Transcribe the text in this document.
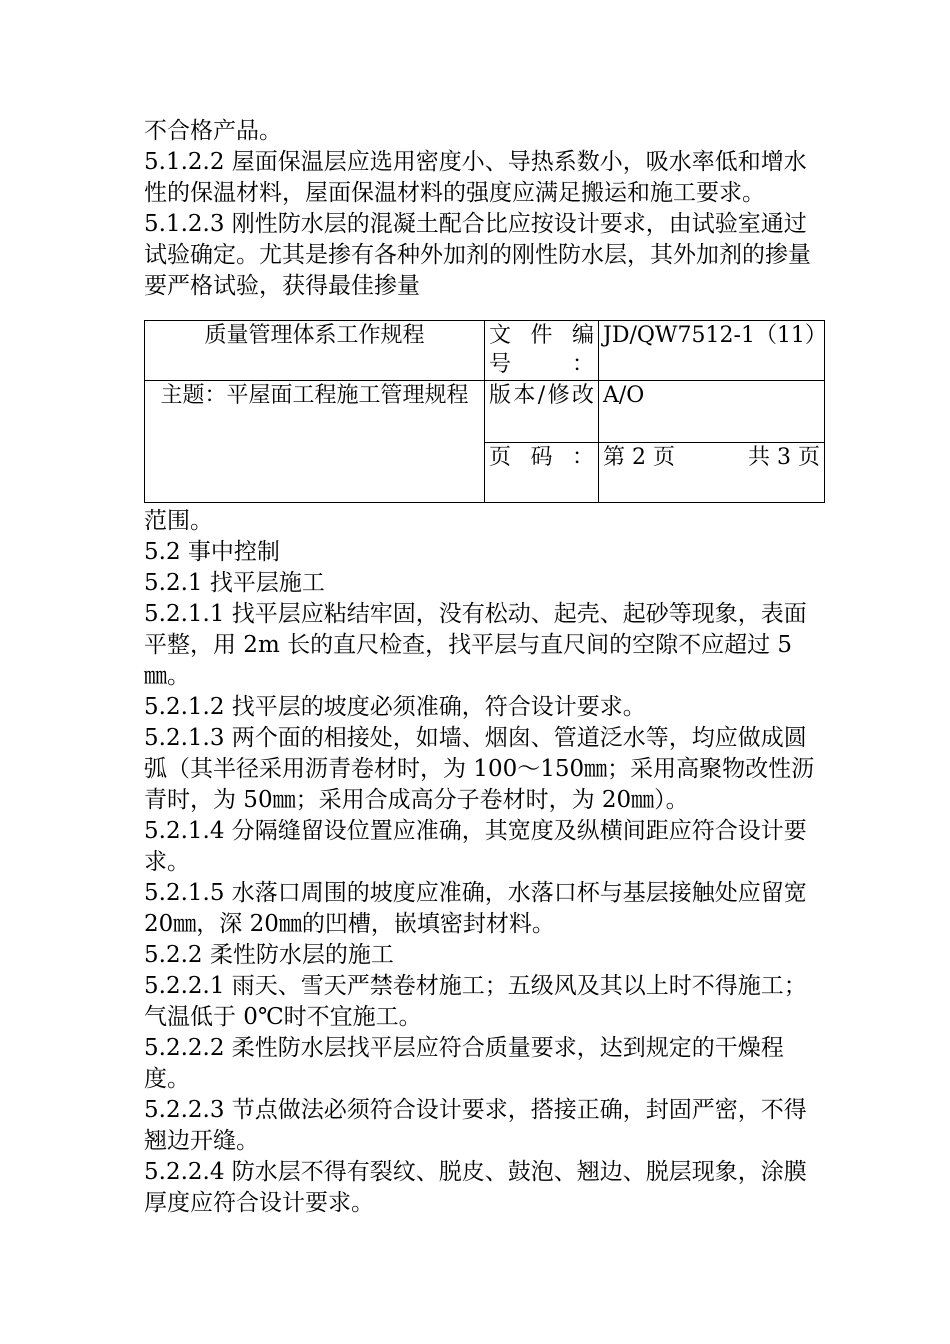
不合格产品。

5.1.2.2 屋面保温层应选用密度小、导热系数小，吸水率低和增水性的保温材料，屋面保温材料的强度应满足搬运和施工要求。

5.1.2.3 刚性防水层的混凝土配合比应按设计要求，由试验室通过试验确定。尤其是掺有各种外加剂的刚性防水层，其外加剂的掺量要严格试验，获得最佳掺量

质量管理体系工作规程	文件编号：	JD/QW7512-1（11）
主题：平屋面工程施工管理规程	版本/修改	A/O
	页码：	第 2 页 共 3 页

范围。

5.2 事中控制

5.2.1 找平层施工

5.2.1.1 找平层应粘结牢固，没有松动、起壳、起砂等现象，表面平整，用 2m 长的直尺检查，找平层与直尺间的空隙不应超过 5㎜。

5.2.1.2 找平层的坡度必须准确，符合设计要求。

5.2.1.3 两个面的相接处，如墙、烟囱、管道泛水等，均应做成圆弧（其半径采用沥青卷材时，为 100～150㎜；采用高聚物改性沥青时，为 50㎜；采用合成高分子卷材时，为 20㎜）。

5.2.1.4 分隔缝留设位置应准确，其宽度及纵横间距应符合设计要求。

5.2.1.5 水落口周围的坡度应准确，水落口杯与基层接触处应留宽 20㎜，深 20㎜的凹槽，嵌填密封材料。

5.2.2 柔性防水层的施工

5.2.2.1 雨天、雪天严禁卷材施工；五级风及其以上时不得施工；气温低于 0℃时不宜施工。

5.2.2.2 柔性防水层找平层应符合质量要求，达到规定的干燥程度。

5.2.2.3 节点做法必须符合设计要求，搭接正确，封固严密，不得翘边开缝。

5.2.2.4 防水层不得有裂纹、脱皮、鼓泡、翘边、脱层现象，涂膜厚度应符合设计要求。
